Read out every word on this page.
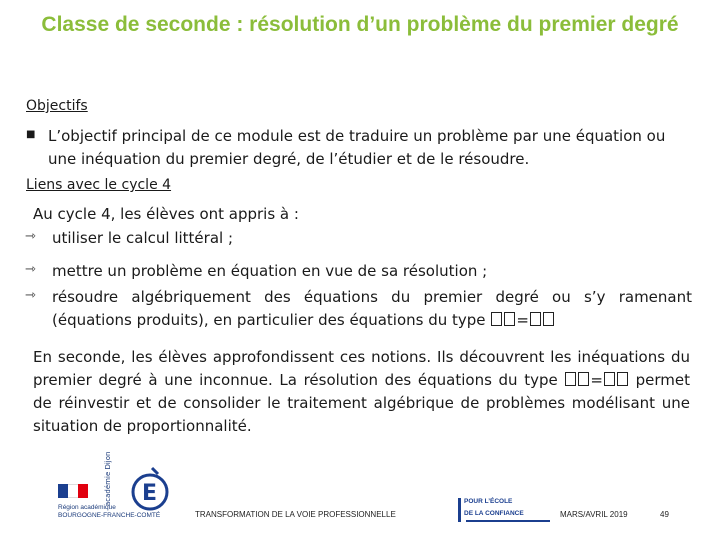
Classe de seconde : résolution d’un problème du premier degré
Objectifs
■ L’objectif principal de ce module est de traduire un problème par une équation ou une inéquation du premier degré, de l’étudier et de le résoudre.
Liens avec le cycle 4
Au cycle 4, les élèves ont appris à :
⇾ utiliser le calcul littéral ;
⇾ mettre un problème en équation en vue de sa résolution ;
⇾ résoudre algébriquement des équations du premier degré ou s’y ramenant (équations produits), en particulier des équations du type =
En seconde, les élèves approfondissent ces notions. Ils découvrent les inéquations du premier degré à une inconnue. La résolution des équations du type = permet de réinvestir et de consolider le traitement algébrique de problèmes modélisant une situation de proportionnalité.
Région académique
BOURGOGNE-FRANCHE-COMTÉ
académie Dijon E
TRANSFORMATION DE LA VOIE PROFESSIONNELLE
POUR L’ÉCOLE
DE LA CONFIANCE	MARS/AVRIL 2019	49
